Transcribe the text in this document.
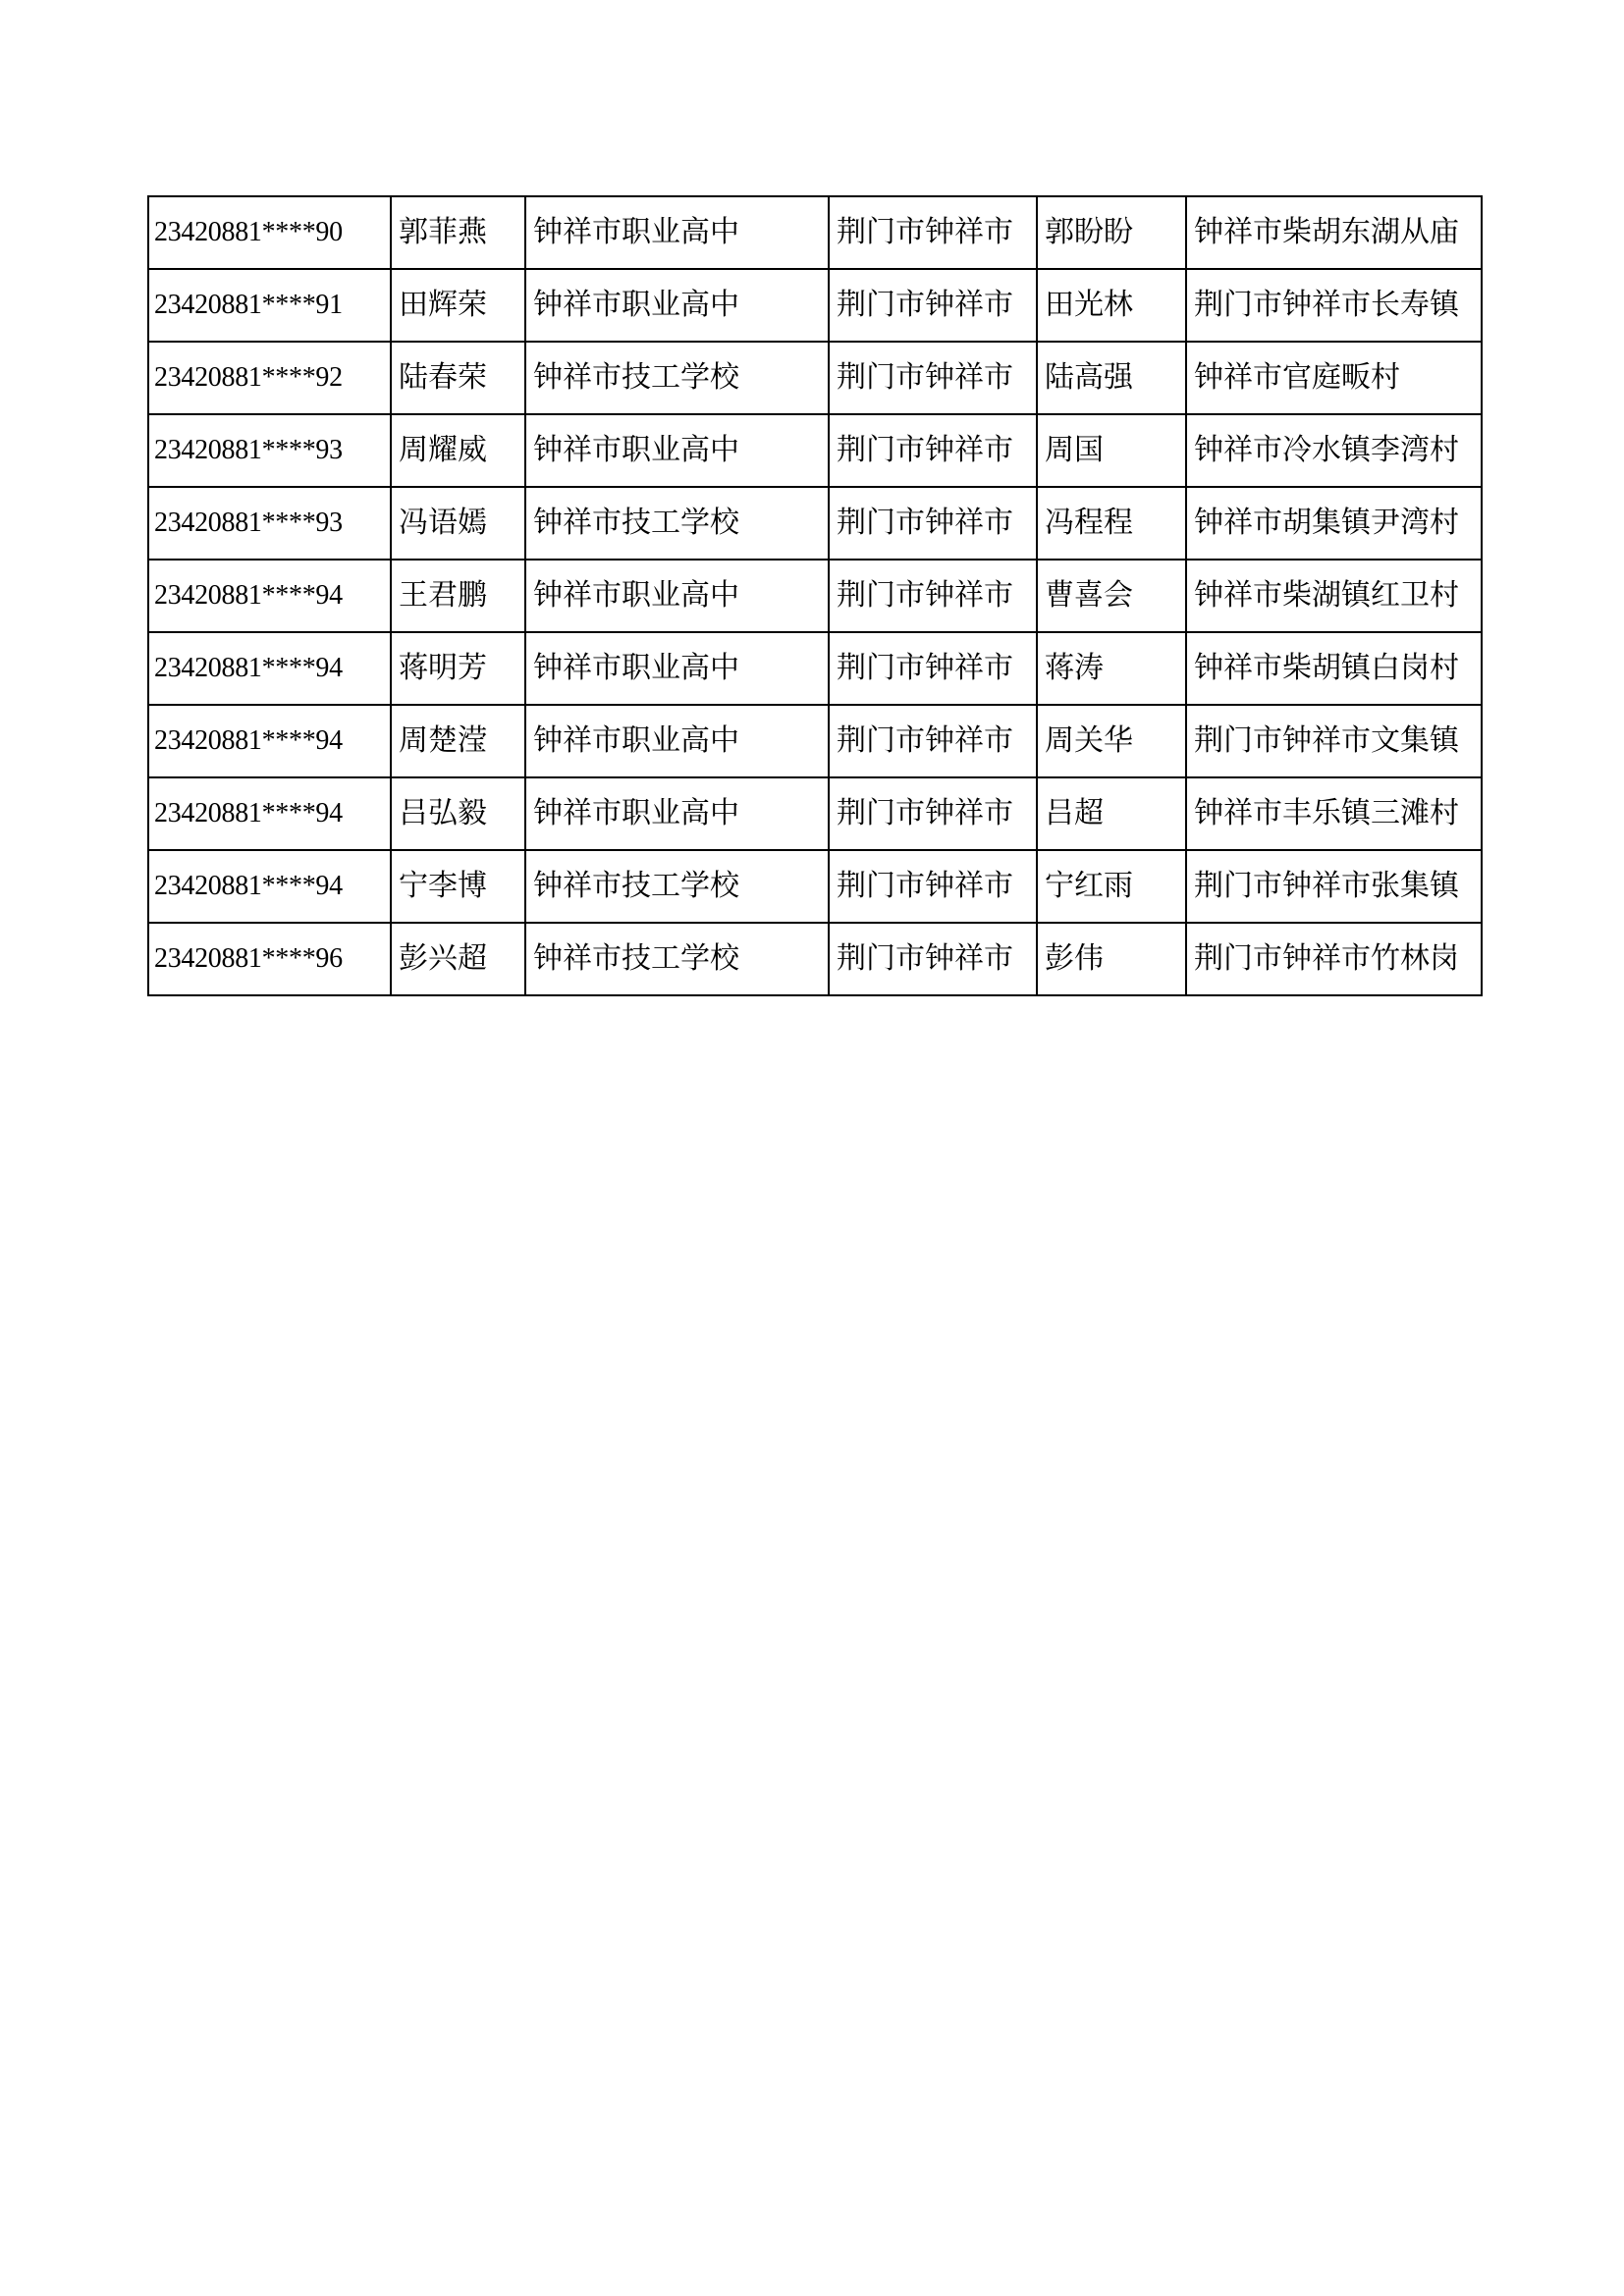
23420881****90	郭菲燕	钟祥市职业高中	荆门市钟祥市	郭盼盼	钟祥市柴胡东湖从庙
23420881****91	田辉荣	钟祥市职业高中	荆门市钟祥市	田光林	荆门市钟祥市长寿镇
23420881****92	陆春荣	钟祥市技工学校	荆门市钟祥市	陆高强	钟祥市官庭畈村
23420881****93	周耀威	钟祥市职业高中	荆门市钟祥市	周国	钟祥市冷水镇李湾村
23420881****93	冯语嫣	钟祥市技工学校	荆门市钟祥市	冯程程	钟祥市胡集镇尹湾村
23420881****94	王君鹏	钟祥市职业高中	荆门市钟祥市	曹喜会	钟祥市柴湖镇红卫村
23420881****94	蒋明芳	钟祥市职业高中	荆门市钟祥市	蒋涛	钟祥市柴胡镇白岗村
23420881****94	周楚滢	钟祥市职业高中	荆门市钟祥市	周关华	荆门市钟祥市文集镇
23420881****94	吕弘毅	钟祥市职业高中	荆门市钟祥市	吕超	钟祥市丰乐镇三滩村
23420881****94	宁李博	钟祥市技工学校	荆门市钟祥市	宁红雨	荆门市钟祥市张集镇
23420881****96	彭兴超	钟祥市技工学校	荆门市钟祥市	彭伟	荆门市钟祥市竹林岗
